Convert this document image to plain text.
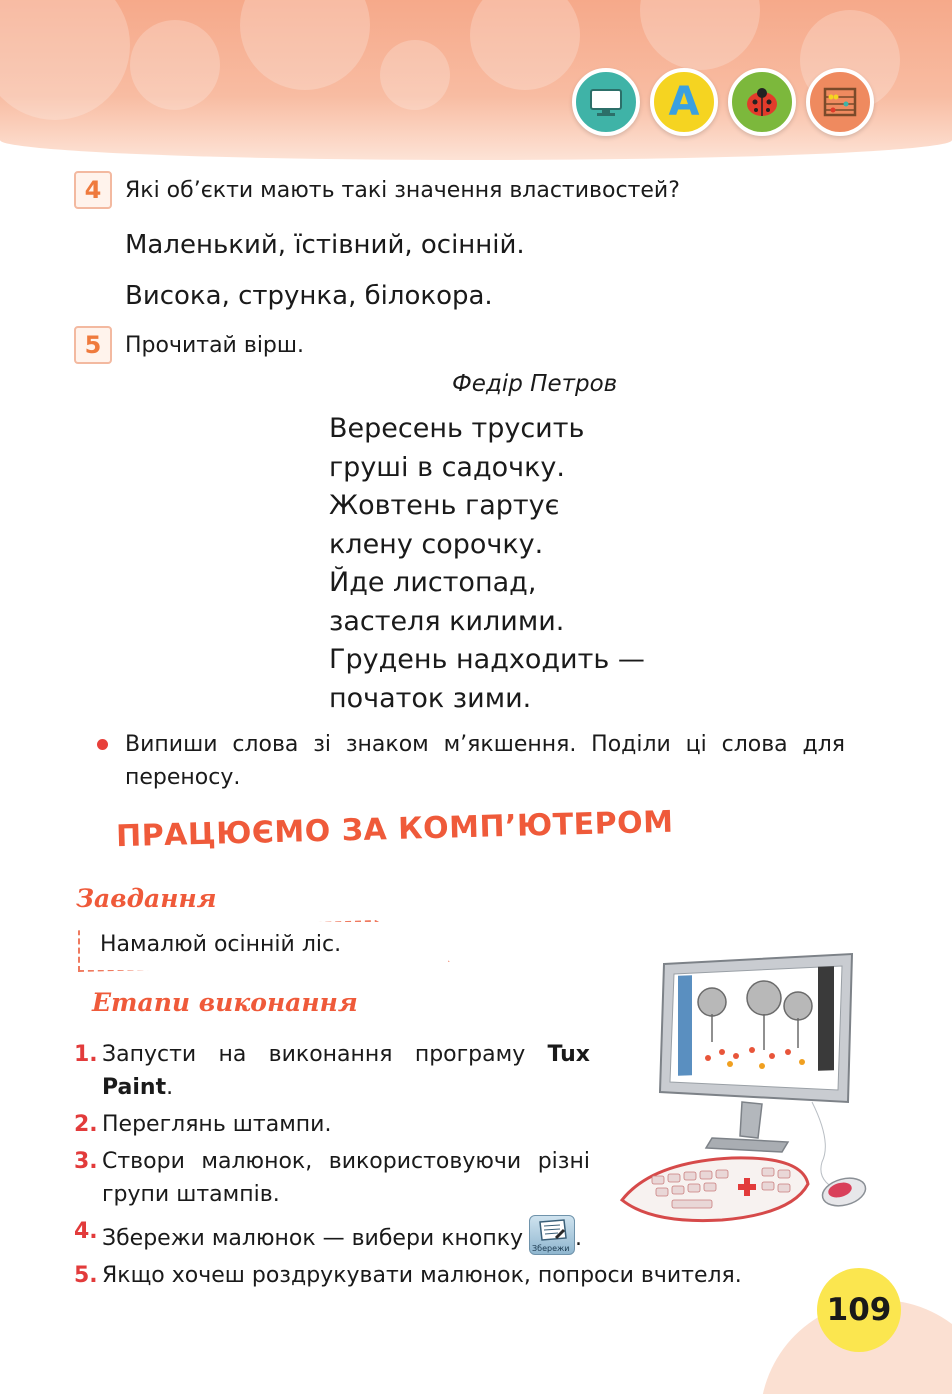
A
4	Які об’єкти мають такі значення властивостей?
Маленький, їстівний, осінній.
Висока, струнка, білокора.
5	Прочитай вірш.
Федір Петров
Вересень трусить
груші в садочку.
Жовтень гартує
клену сорочку.
Йде листопад,
застеля килими.
Грудень надходить —
початок зими.
Випиши слова зі знаком м’якшення. Поділи ці слова для переносу.
ПРАЦЮЄМО ЗА КОМП’ЮТЕРОМ
Завдання
Намалюй осінній ліс.
Етапи виконання
1. Запусти на виконання програму Tux Paint.
2. Переглянь штампи.
3. Створи малюнок, використовуючи різні групи штампів.
4. Збережи малюнок — вибери кнопку Збережи .
5. Якщо хочеш роздрукувати малюнок, попроси вчителя.
109
